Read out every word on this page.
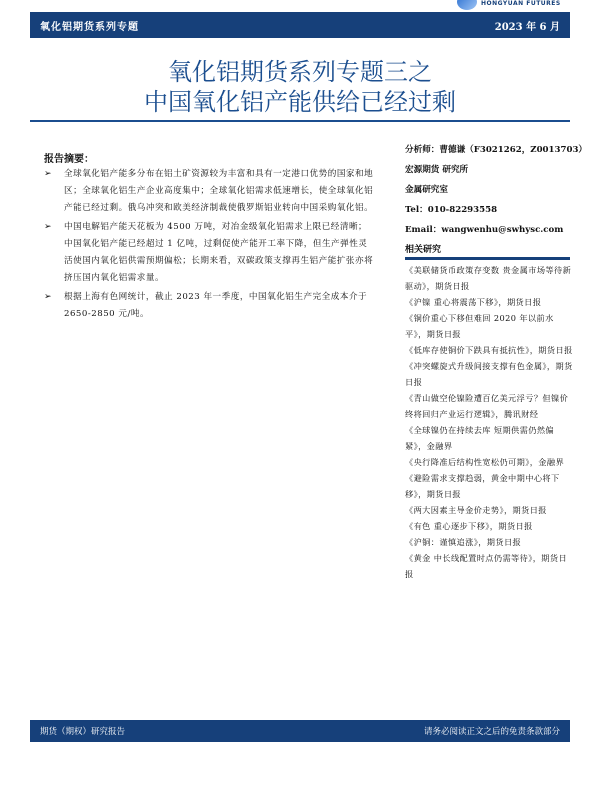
氧化铝期货系列专题	2023 年 6 月
HONGYUAN FUTURES
氧化铝期货系列专题三之
中国氧化铝产能供给已经过剩
报告摘要：
➢ 全球氧化铝产能多分布在铝土矿资源较为丰富和具有一定港口优势的国家和地区；全球氧化铝生产企业高度集中；全球氧化铝需求低速增长，使全球氧化铝产能已经过剩。俄乌冲突和欧美经济制裁使俄罗斯铝业转向中国采购氧化铝。
➢ 中国电解铝产能天花板为 4500 万吨，对冶金级氧化铝需求上限已经清晰；中国氧化铝产能已经超过 1 亿吨，过剩促使产能开工率下降，但生产弹性灵活使国内氧化铝供需预期偏松；长期来看，双碳政策支撑再生铝产能扩张亦将挤压国内氧化铝需求量。
➢ 根据上海有色网统计，截止 2023 年一季度，中国氧化铝生产完全成本介于 2650-2850 元/吨。
分析师：曹德谦（F3021262，Z0013703）
宏源期货 研究所
金属研究室
Tel：010-82293558
Email：wangwenhu@swhysc.com
相关研究
《美联储货币政策存变数 贵金属市场等待新驱动》，期货日报
《沪镍 重心将震荡下移》，期货日报
《铜价重心下移但难回 2020 年以前水平》，期货日报
《低库存使铜价下跌具有抵抗性》，期货日报
《冲突螺旋式升级间接支撑有色金属》，期货日报
《青山做空伦镍险遭百亿美元浮亏？但镍价终将回归产业运行逻辑》，腾讯财经
《全球镍仍在持续去库 短期供需仍然偏紧》，金融界
《央行降准后结构性宽松仍可期》，金融界
《避险需求支撑趋弱，黄金中期中心将下移》，期货日报
《两大因素主导金价走势》，期货日报
《有色 重心逐步下移》，期货日报
《沪铜：谨慎追涨》，期货日报
《黄金 中长线配置时点仍需等待》，期货日报
期货（期权）研究报告	请务必阅读正文之后的免责条款部分
